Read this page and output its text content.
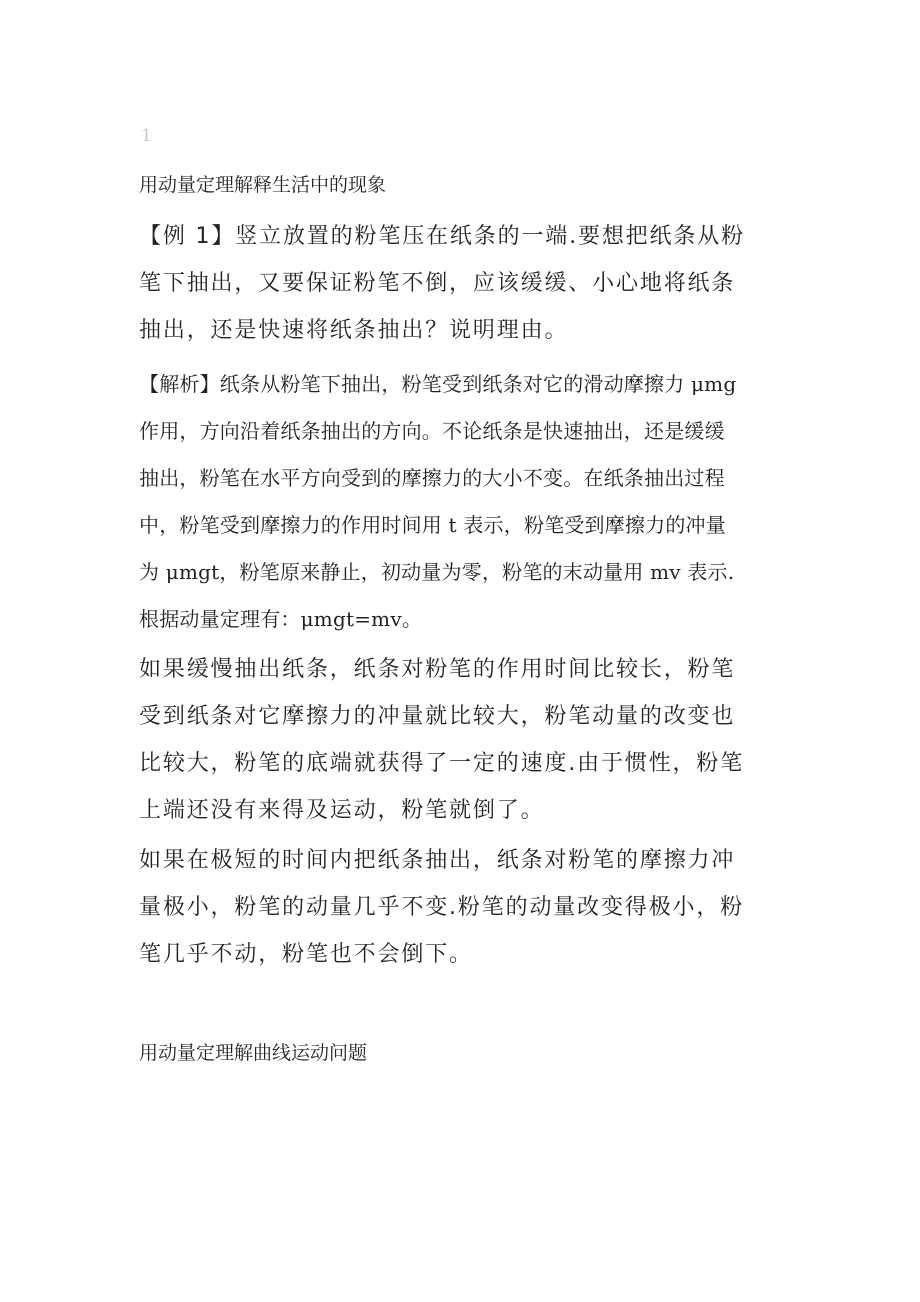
1
用动量定理解释生活中的现象
【例 1】竖立放置的粉笔压在纸条的一端.要想把纸条从粉
笔下抽出，又要保证粉笔不倒，应该缓缓、小心地将纸条
抽出，还是快速将纸条抽出？说明理由。
【解析】纸条从粉笔下抽出，粉笔受到纸条对它的滑动摩擦力 μmg
作用，方向沿着纸条抽出的方向。不论纸条是快速抽出，还是缓缓
抽出，粉笔在水平方向受到的摩擦力的大小不变。在纸条抽出过程
中，粉笔受到摩擦力的作用时间用 t 表示，粉笔受到摩擦力的冲量
为 μmgt，粉笔原来静止，初动量为零，粉笔的末动量用 mv 表示.
根据动量定理有：μmgt=mv。
如果缓慢抽出纸条，纸条对粉笔的作用时间比较长，粉笔
受到纸条对它摩擦力的冲量就比较大，粉笔动量的改变也
比较大，粉笔的底端就获得了一定的速度.由于惯性，粉笔
上端还没有来得及运动，粉笔就倒了。
如果在极短的时间内把纸条抽出，纸条对粉笔的摩擦力冲
量极小，粉笔的动量几乎不变.粉笔的动量改变得极小，粉
笔几乎不动，粉笔也不会倒下。
用动量定理解曲线运动问题
